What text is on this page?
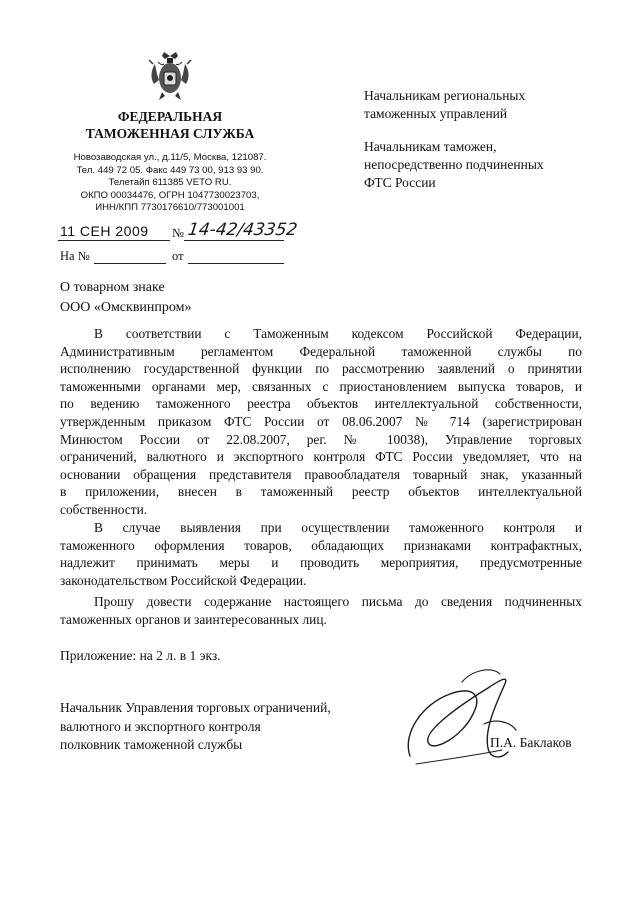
ФЕДЕРАЛЬНАЯ
ТАМОЖЕННАЯ СЛУЖБА
Новозаводская ул., д.11/5, Москва, 121087.
Тел. 449 72 05. Факс 449 73 00, 913 93 90.
Телетайп 611385 VETO RU.
ОКПО 00034476, ОГРН 1047730023703,
ИНН/КПП 7730176610/773001001
11 СЕН 2009 № 14-42/43352
На №	от
Начальникам региональных
таможенных управлений
Начальникам таможен,
непосредственно подчиненных
ФТС России
О товарном знаке
ООО «Омсквинпром»
В соответствии с Таможенным кодексом Российской Федерации,
Административным регламентом Федеральной таможенной службы по
исполнению государственной функции по рассмотрению заявлений о принятии
таможенными органами мер, связанных с приостановлением выпуска товаров, и
по ведению таможенного реестра объектов интеллектуальной собственности,
утвержденным приказом ФТС России от 08.06.2007 № 714 (зарегистрирован
Минюстом России от 22.08.2007, рег. № 10038), Управление торговых
ограничений, валютного и экспортного контроля ФТС России уведомляет, что на
основании обращения представителя правообладателя товарный знак, указанный
в приложении, внесен в таможенный реестр объектов интеллектуальной
собственности.
В случае выявления при осуществлении таможенного контроля и
таможенного оформления товаров, обладающих признаками контрафактных,
надлежит принимать меры и проводить мероприятия, предусмотренные
законодательством Российской Федерации.
Прошу довести содержание настоящего письма до сведения подчиненных
таможенных органов и заинтересованных лиц.
Приложение: на 2 л. в 1 экз.
Начальник Управления торговых ограничений,
валютного и экспортного контроля
полковник таможенной службы	П.А. Баклаков
